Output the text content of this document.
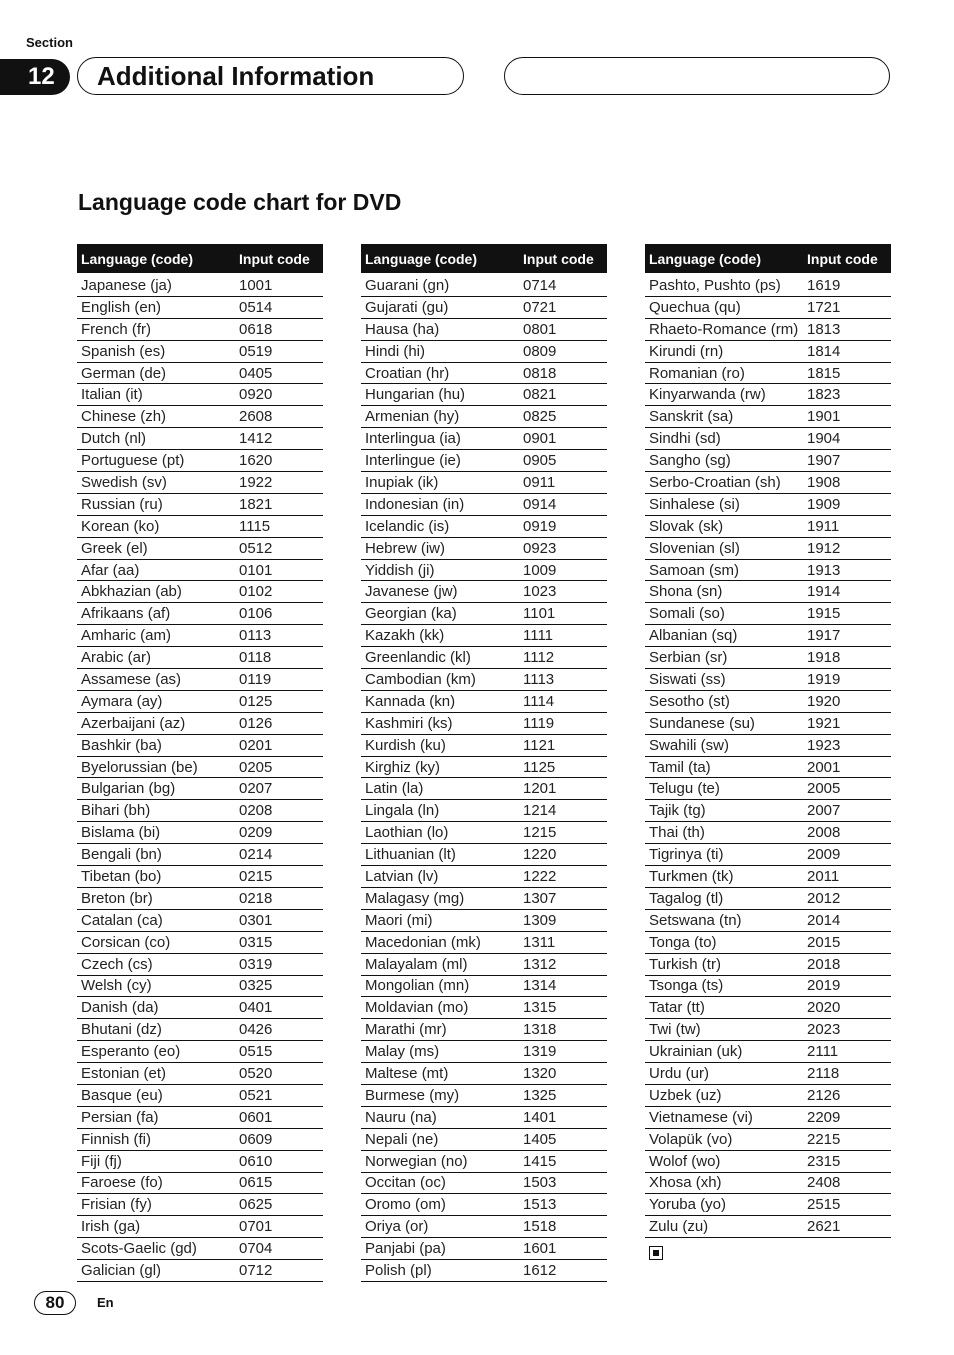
Section
12	Additional Information
Language code chart for DVD
Language (code)	Input code
Japanese (ja)	1001
English (en)	0514
French (fr)	0618
Spanish (es)	0519
German (de)	0405
Italian (it)	0920
Chinese (zh)	2608
Dutch (nl)	1412
Portuguese (pt)	1620
Swedish (sv)	1922
Russian (ru)	1821
Korean (ko)	1115
Greek (el)	0512
Afar (aa)	0101
Abkhazian (ab)	0102
Afrikaans (af)	0106
Amharic (am)	0113
Arabic (ar)	0118
Assamese (as)	0119
Aymara (ay)	0125
Azerbaijani (az)	0126
Bashkir (ba)	0201
Byelorussian (be)	0205
Bulgarian (bg)	0207
Bihari (bh)	0208
Bislama (bi)	0209
Bengali (bn)	0214
Tibetan (bo)	0215
Breton (br)	0218
Catalan (ca)	0301
Corsican (co)	0315
Czech (cs)	0319
Welsh (cy)	0325
Danish (da)	0401
Bhutani (dz)	0426
Esperanto (eo)	0515
Estonian (et)	0520
Basque (eu)	0521
Persian (fa)	0601
Finnish (fi)	0609
Fiji (fj)	0610
Faroese (fo)	0615
Frisian (fy)	0625
Irish (ga)	0701
Scots-Gaelic (gd)	0704
Galician (gl)	0712
Language (code)	Input code
Guarani (gn)	0714
Gujarati (gu)	0721
Hausa (ha)	0801
Hindi (hi)	0809
Croatian (hr)	0818
Hungarian (hu)	0821
Armenian (hy)	0825
Interlingua (ia)	0901
Interlingue (ie)	0905
Inupiak (ik)	0911
Indonesian (in)	0914
Icelandic (is)	0919
Hebrew (iw)	0923
Yiddish (ji)	1009
Javanese (jw)	1023
Georgian (ka)	1101
Kazakh (kk)	1111
Greenlandic (kl)	1112
Cambodian (km)	1113
Kannada (kn)	1114
Kashmiri (ks)	1119
Kurdish (ku)	1121
Kirghiz (ky)	1125
Latin (la)	1201
Lingala (ln)	1214
Laothian (lo)	1215
Lithuanian (lt)	1220
Latvian (lv)	1222
Malagasy (mg)	1307
Maori (mi)	1309
Macedonian (mk)	1311
Malayalam (ml)	1312
Mongolian (mn)	1314
Moldavian (mo)	1315
Marathi (mr)	1318
Malay (ms)	1319
Maltese (mt)	1320
Burmese (my)	1325
Nauru (na)	1401
Nepali (ne)	1405
Norwegian (no)	1415
Occitan (oc)	1503
Oromo (om)	1513
Oriya (or)	1518
Panjabi (pa)	1601
Polish (pl)	1612
Language (code)	Input code
Pashto, Pushto (ps)	1619
Quechua (qu)	1721
Rhaeto-Romance (rm) 1813
Kirundi (rn)	1814
Romanian (ro)	1815
Kinyarwanda (rw)	1823
Sanskrit (sa)	1901
Sindhi (sd)	1904
Sangho (sg)	1907
Serbo-Croatian (sh)	1908
Sinhalese (si)	1909
Slovak (sk)	1911
Slovenian (sl)	1912
Samoan (sm)	1913
Shona (sn)	1914
Somali (so)	1915
Albanian (sq)	1917
Serbian (sr)	1918
Siswati (ss)	1919
Sesotho (st)	1920
Sundanese (su)	1921
Swahili (sw)	1923
Tamil (ta)	2001
Telugu (te)	2005
Tajik (tg)	2007
Thai (th)	2008
Tigrinya (ti)	2009
Turkmen (tk)	2011
Tagalog (tl)	2012
Setswana (tn)	2014
Tonga (to)	2015
Turkish (tr)	2018
Tsonga (ts)	2019
Tatar (tt)	2020
Twi (tw)	2023
Ukrainian (uk)	2111
Urdu (ur)	2118
Uzbek (uz)	2126
Vietnamese (vi)	2209
Volapük (vo)	2215
Wolof (wo)	2315
Xhosa (xh)	2408
Yoruba (yo)	2515
Zulu (zu)	2621
80	En
